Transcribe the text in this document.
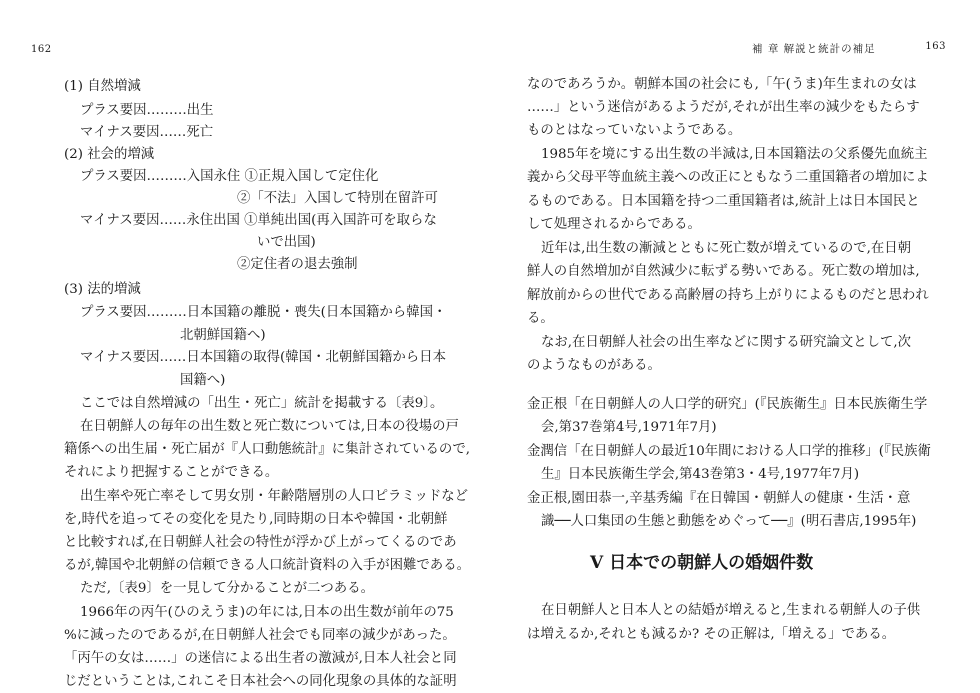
162
(1) 自然増減
プラス要因………出生
マイナス要因……死亡
(2) 社会的増減
プラス要因………入国永住 ①正規入国して定住化
②「不法」入国して特別在留許可
マイナス要因……永住出国 ①単純出国(再入国許可を取らな
いで出国)
②定住者の退去強制
(3) 法的増減
プラス要因………日本国籍の離脱・喪失(日本国籍から韓国・
北朝鮮国籍へ)
マイナス要因……日本国籍の取得(韓国・北朝鮮国籍から日本
国籍へ)
ここでは自然増減の「出生・死亡」統計を掲載する〔表9〕。
在日朝鮮人の毎年の出生数と死亡数については,日本の役場の戸
籍係への出生届・死亡届が『人口動態統計』に集計されているので,
それにより把握することができる。
出生率や死亡率そして男女別・年齢階層別の人口ピラミッドなど
を,時代を追ってその変化を見たり,同時期の日本や韓国・北朝鮮
と比較すれば,在日朝鮮人社会の特性が浮かび上がってくるのであ
るが,韓国や北朝鮮の信頼できる人口統計資料の入手が困難である。
ただ,〔表9〕を一見して分かることが二つある。
1966年の丙午(ひのえうま)の年には,日本の出生数が前年の75
%に減ったのであるが,在日朝鮮人社会でも同率の減少があった。
「丙午の女は……」の迷信による出生者の激減が,日本人社会と同
じだということは,これこそ日本社会への同化現象の具体的な証明
補 章 解説と統計の補足	163
なのであろうか。朝鮮本国の社会にも,「午(うま)年生まれの女は
……」という迷信があるようだが,それが出生率の減少をもたらす
ものとはなっていないようである。
1985年を境にする出生数の半減は,日本国籍法の父系優先血統主
義から父母平等血統主義への改正にともなう二重国籍者の増加によ
るものである。日本国籍を持つ二重国籍者は,統計上は日本国民と
して処理されるからである。
近年は,出生数の漸減とともに死亡数が増えているので,在日朝
鮮人の自然増加が自然減少に転ずる勢いである。死亡数の増加は,
解放前からの世代である高齢層の持ち上がりによるものだと思われ
る。
なお,在日朝鮮人社会の出生率などに関する研究論文として,次
のようなものがある。
金正根「在日朝鮮人の人口学的研究」(『民族衛生』日本民族衛生学
会,第37巻第4号,1971年7月)
金潤信「在日朝鮮人の最近10年間における人口学的推移」(『民族衛
生』日本民族衛生学会,第43巻第3・4号,1977年7月)
金正根,園田恭一,辛基秀編『在日韓国・朝鮮人の健康・生活・意
識──人口集団の生態と動態をめぐって──』(明石書店,1995年)
V 日本での朝鮮人の婚姻件数
在日朝鮮人と日本人との結婚が増えると,生まれる朝鮮人の子供
は増えるか,それとも減るか? その正解は,「増える」である。
